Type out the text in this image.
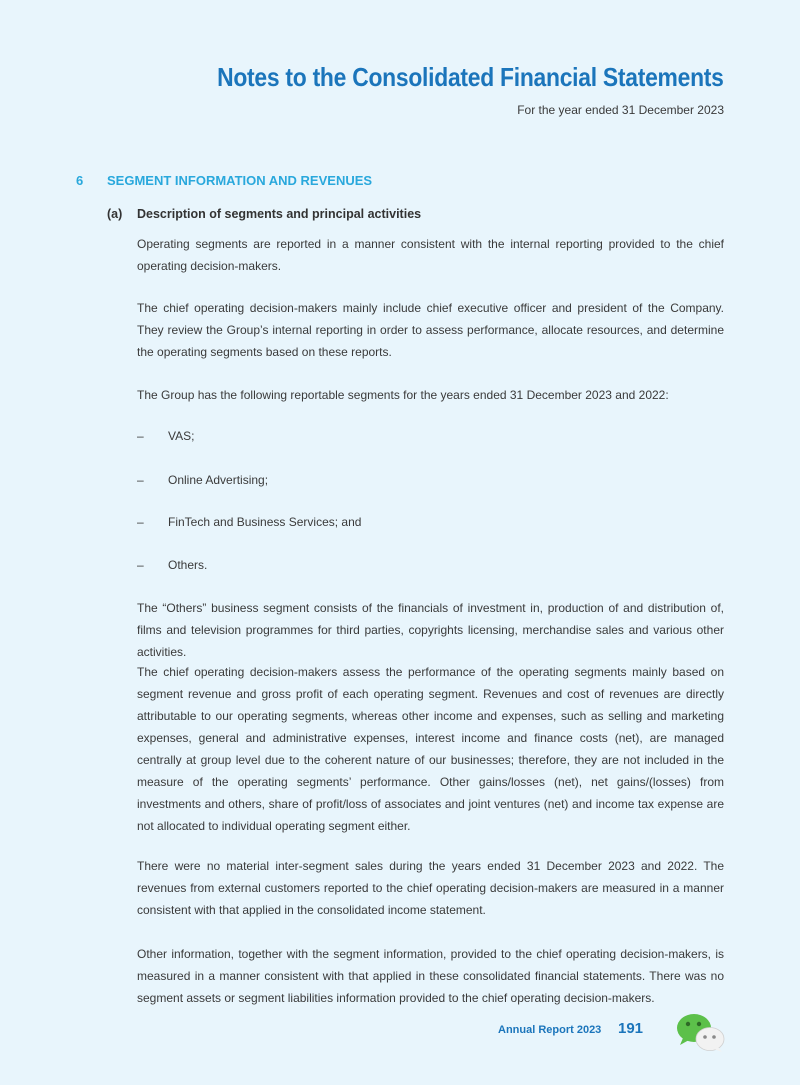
Notes to the Consolidated Financial Statements
For the year ended 31 December 2023
6 SEGMENT INFORMATION AND REVENUES
(a) Description of segments and principal activities
Operating segments are reported in a manner consistent with the internal reporting provided to the chief operating decision-makers.
The chief operating decision-makers mainly include chief executive officer and president of the Company. They review the Group’s internal reporting in order to assess performance, allocate resources, and determine the operating segments based on these reports.
The Group has the following reportable segments for the years ended 31 December 2023 and 2022:
– VAS;
– Online Advertising;
– FinTech and Business Services; and
– Others.
The “Others” business segment consists of the financials of investment in, production of and distribution of, films and television programmes for third parties, copyrights licensing, merchandise sales and various other activities.
The chief operating decision-makers assess the performance of the operating segments mainly based on segment revenue and gross profit of each operating segment. Revenues and cost of revenues are directly attributable to our operating segments, whereas other income and expenses, such as selling and marketing expenses, general and administrative expenses, interest income and finance costs (net), are managed centrally at group level due to the coherent nature of our businesses; therefore, they are not included in the measure of the operating segments’ performance. Other gains/losses (net), net gains/(losses) from investments and others, share of profit/loss of associates and joint ventures (net) and income tax expense are not allocated to individual operating segment either.
There were no material inter-segment sales during the years ended 31 December 2023 and 2022. The revenues from external customers reported to the chief operating decision-makers are measured in a manner consistent with that applied in the consolidated income statement.
Other information, together with the segment information, provided to the chief operating decision-makers, is measured in a manner consistent with that applied in these consolidated financial statements. There was no segment assets or segment liabilities information provided to the chief operating decision-makers.
Annual Report 2023 191
